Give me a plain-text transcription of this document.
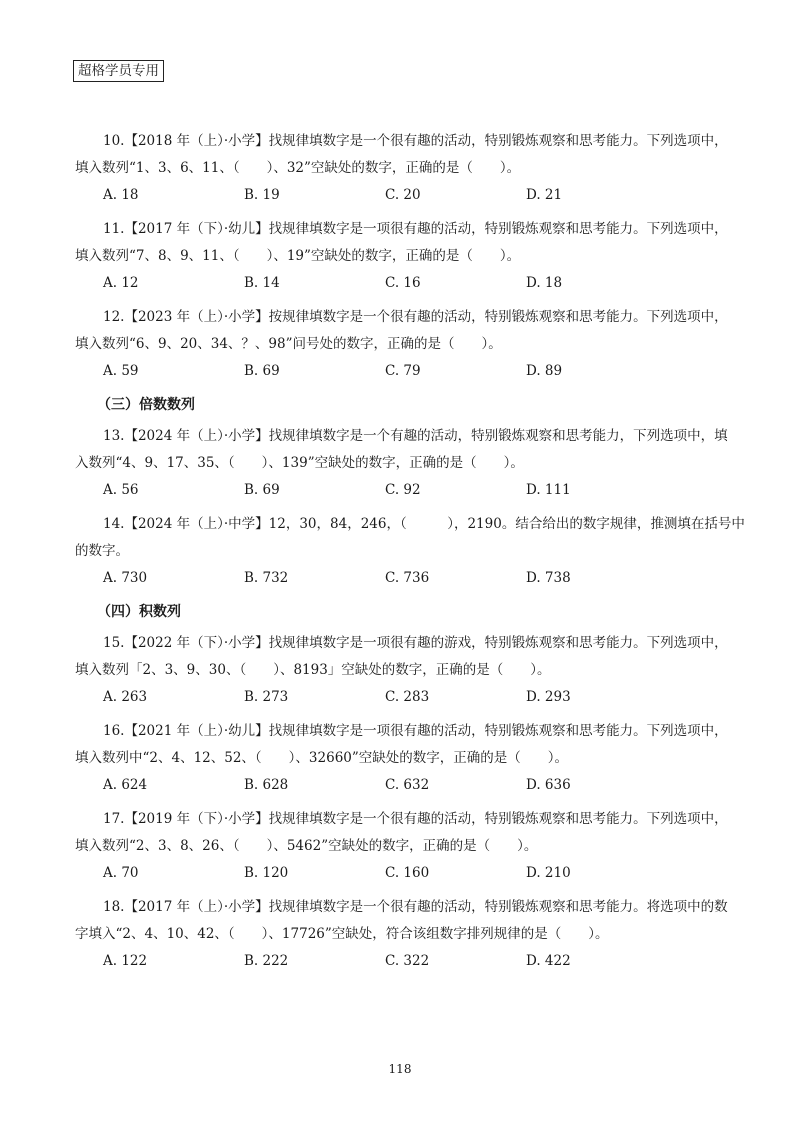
超格学员专用
10.【2018 年（上）·小学】找规律填数字是一个很有趣的活动，特别锻炼观察和思考能力。下列选项中，
填入数列“1、3、6、11、（　　）、32”空缺处的数字，正确的是（　　）。
A. 18	B. 19	C. 20	D. 21
11.【2017 年（下）·幼儿】找规律填数字是一项很有趣的活动，特别锻炼观察和思考能力。下列选项中，
填入数列“7、8、9、11、（　　）、19”空缺处的数字，正确的是（　　）。
A. 12	B. 14	C. 16	D. 18
12.【2023 年（上）·小学】按规律填数字是一个很有趣的活动，特别锻炼观察和思考能力。下列选项中，
填入数列“6、9、20、34、？、98”问号处的数字，正确的是（　　）。
A. 59	B. 69	C. 79	D. 89
（三）倍数数列
13.【2024 年（上）·小学】找规律填数字是一个有趣的活动，特别锻炼观察和思考能力，下列选项中，填
入数列“4、9、17、35、（　　）、139”空缺处的数字，正确的是（　　）。
A. 56	B. 69	C. 92	D. 111
14.【2024 年（上）·中学】12，30，84，246，（　　　），2190。结合给出的数字规律，推测填在括号中
的数字。
A. 730	B. 732	C. 736	D. 738
（四）积数列
15.【2022 年（下）·小学】找规律填数字是一项很有趣的游戏，特别锻炼观察和思考能力。下列选项中，
填入数列「2、3、9、30、（　　）、8193」空缺处的数字，正确的是（　　）。
A. 263	B. 273	C. 283	D. 293
16.【2021 年（上）·幼儿】找规律填数字是一项很有趣的活动，特别锻炼观察和思考能力。下列选项中，
填入数列中“2、4、12、52、（　　）、32660”空缺处的数字，正确的是（　　）。
A. 624	B. 628	C. 632	D. 636
17.【2019 年（下）·小学】找规律填数字是一个很有趣的活动，特别锻炼观察和思考能力。下列选项中，
填入数列“2、3、8、26、（　　）、5462”空缺处的数字，正确的是（　　）。
A. 70	B. 120	C. 160	D. 210
18.【2017 年（上）·小学】找规律填数字是一个很有趣的活动，特别锻炼观察和思考能力。将选项中的数
字填入“2、4、10、42、（　　）、17726”空缺处，符合该组数字排列规律的是（　　）。
A. 122	B. 222	C. 322	D. 422
118
